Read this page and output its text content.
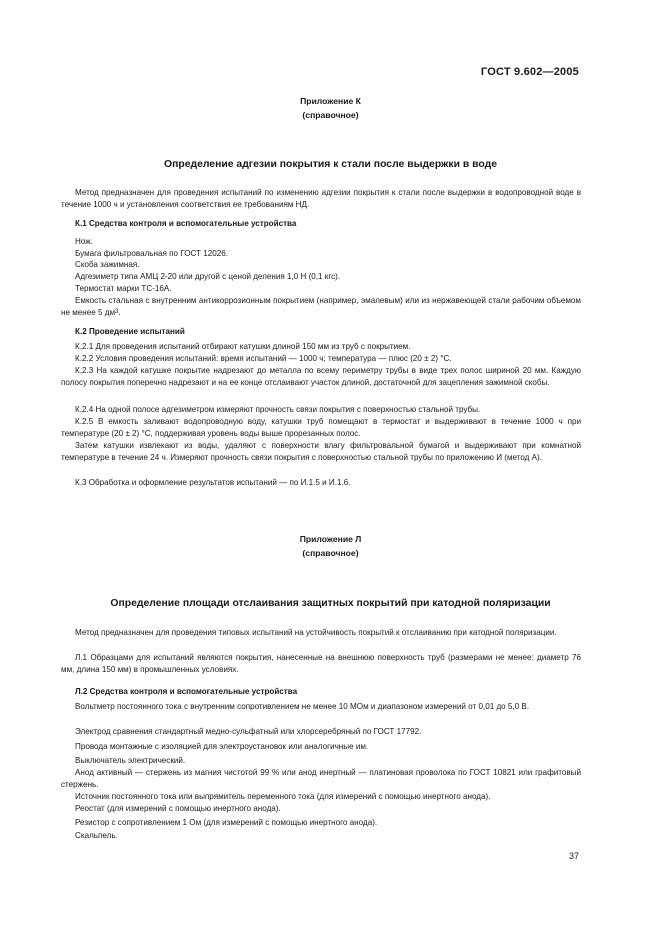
ГОСТ 9.602—2005
Приложение К
(справочное)
Определение адгезии покрытия к стали после выдержки в воде
Метод предназначен для проведения испытаний по изменению адгезии покрытия к стали после выдержки в водопроводной воде в течение 1000 ч и установления соответствия ее требованиям НД.
К.1 Средства контроля и вспомогательные устройства
Нож.
Бумага фильтровальная по ГОСТ 12026.
Скоба зажимная.
Адгезиметр типа АМЦ 2-20 или другой с ценой деления 1,0 Н (0,1 кгс).
Термостат марки ТС-16А.
Емкость стальная с внутренним антикоррозионным покрытием (например, эмалевым) или из нержавеющей стали рабочим объемом не менее 5 $дм^3$.
К.2 Проведение испытаний
К.2.1 Для проведения испытаний отбирают катушки длиной 150 мм из труб с покрытием.
К.2.2 Условия проведения испытаний: время испытаний — 1000 ч; температура — плюс (20 ± 2) °С.
К.2.3 На каждой катушке покрытие надрезают до металла по всему периметру трубы в виде трех полос шириной 20 мм. Каждую полосу покрытия поперечно надрезают и на ее конце отслаивают участок длиной, достаточной для зацепления зажимной скобы.
К.2.4 На одной полосе адгезиметром измеряют прочность связи покрытия с поверхностью стальной трубы.
К.2.5 В емкость заливают водопроводную воду, катушки труб помещают в термостат и выдерживают в течение 1000 ч при температуре (20 ± 2) °С, поддерживая уровень воды выше прорезанных полос.
Затем катушки извлекают из воды, удаляют с поверхности влагу фильтровальной бумагой и выдерживают при комнатной температуре в течение 24 ч. Измеряют прочность связи покрытия с поверхностью стальной трубы по приложению И (метод А).
К.3 Обработка и оформление результатов испытаний — по И.1.5 и И.1.6.
Приложение Л
(справочное)
Определение площади отслаивания защитных покрытий при катодной поляризации
Метод предназначен для проведения типовых испытаний на устойчивость покрытий к отслаиванию при катодной поляризации.
Л.1 Образцами для испытаний являются покрытия, нанесенные на внешнюю поверхность труб (размерами не менее: диаметр 76 мм, длина 150 мм) в промышленных условиях.
Л.2 Средства контроля и вспомогательные устройства
Вольтметр постоянного тока с внутренним сопротивлением не менее 10 МОм и диапазоном измерений от 0,01 до 5,0 В.
Электрод сравнения стандартный медно-сульфатный или хлорсеребряный по ГОСТ 17792.
Провода монтажные с изоляцией для электроустановок или аналогичные им.
Выключатель электрический.
Анод активный — стержень из магния чистотой 99 % или анод инертный — платиновая проволока по ГОСТ 10821 или графитовый стержень.
Источник постоянного тока или выпрямитель переменного тока (для измерений с помощью инертного анода).
Реостат (для измерений с помощью инертного анода).
Резистор с сопротивлением 1 Ом (для измерений с помощью инертного анода).
Скальпель.
37
